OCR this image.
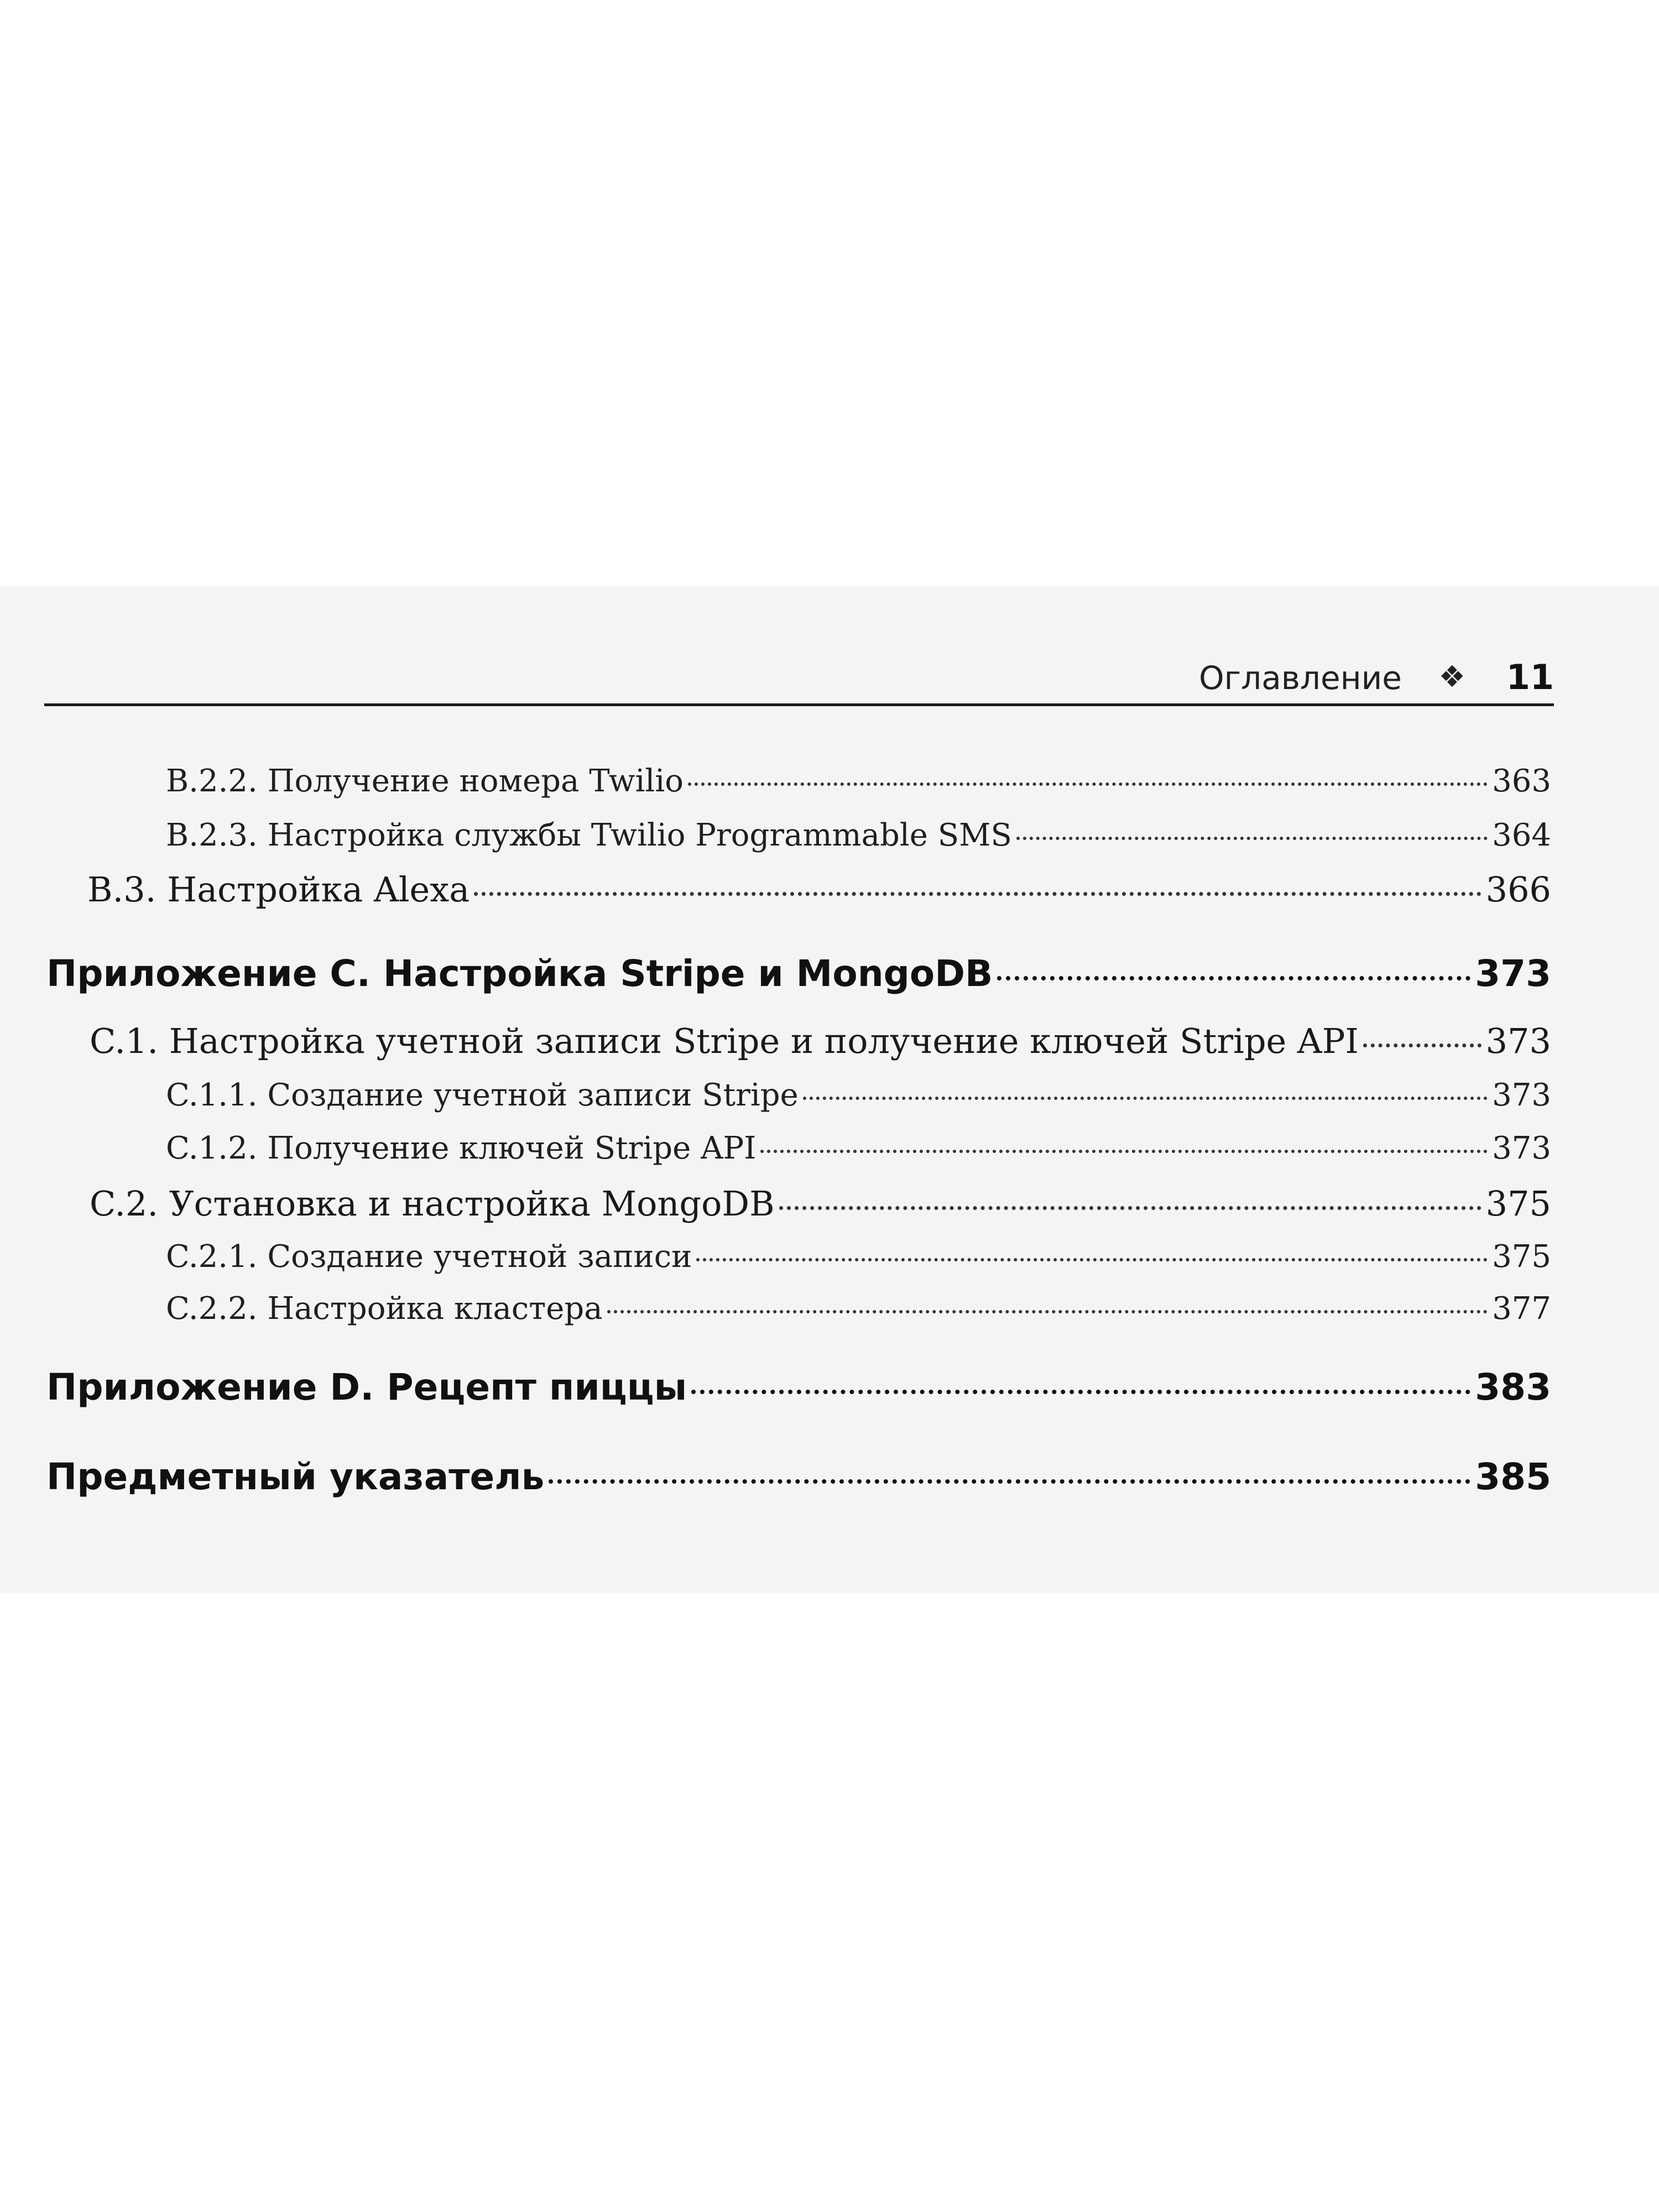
Оглавление ❖ 11
B.2.2. Получение номера Twilio	363
B.2.3. Настройка службы Twilio Programmable SMS	364
B.3. Настройка Alexa	366
Приложение C. Настройка Stripe и MongoDB	373
C.1. Настройка учетной записи Stripe и получение ключей Stripe API	373
C.1.1. Создание учетной записи Stripe	373
C.1.2. Получение ключей Stripe API	373
C.2. Установка и настройка MongoDB	375
C.2.1. Создание учетной записи	375
C.2.2. Настройка кластера	377
Приложение D. Рецепт пиццы	383
Предметный указатель	385
